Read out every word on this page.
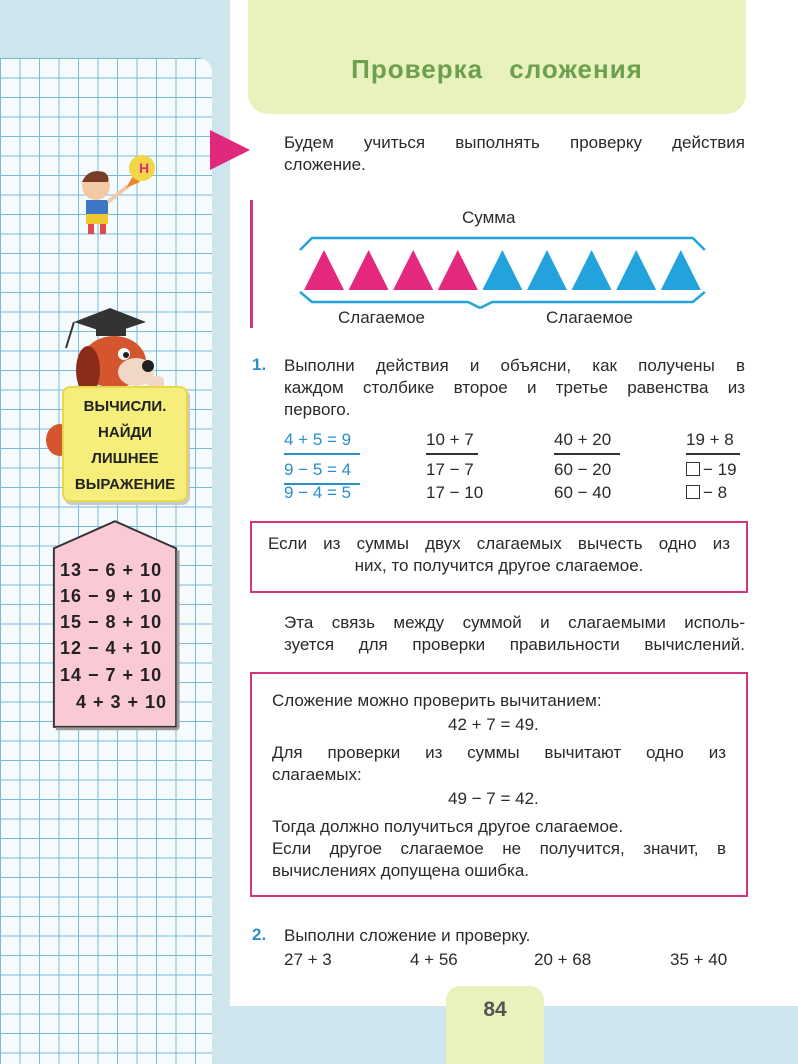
Проверка сложения
Будем учиться выполнять проверку действия
сложение.
Сумма
Слагаемое	Слагаемое
1. Выполни действия и объясни, как получены в
каждом столбике второе и третье равенства из
первого.
4 + 5 = 9
9 − 5 = 4
9 − 4 = 5
10 + 7
17 − 7
17 − 10
40 + 20
60 − 20
60 − 40
19 + 8
− 19
− 8
Если из суммы двух слагаемых вычесть одно из
них, то получится другое слагаемое.
Эта связь между суммой и слагаемыми исполь-
зуется для проверки правильности вычислений.
Сложение можно проверить вычитанием:
42 + 7 = 49.
Для проверки из суммы вычитают одно из
слагаемых:
49 − 7 = 42.
Тогда должно получиться другое слагаемое.
Если другое слагаемое не получится, значит, в
вычислениях допущена ошибка.
2. Выполни сложение и проверку.
27 + 3	4 + 56	20 + 68	35 + 40
84
Н
ВЫЧИСЛИ.
НАЙДИ
ЛИШНЕЕ
ВЫРАЖЕНИЕ
13 − 6 + 10
16 − 9 + 10
15 − 8 + 10
12 − 4 + 10
14 − 7 + 10
4 + 3 + 10
